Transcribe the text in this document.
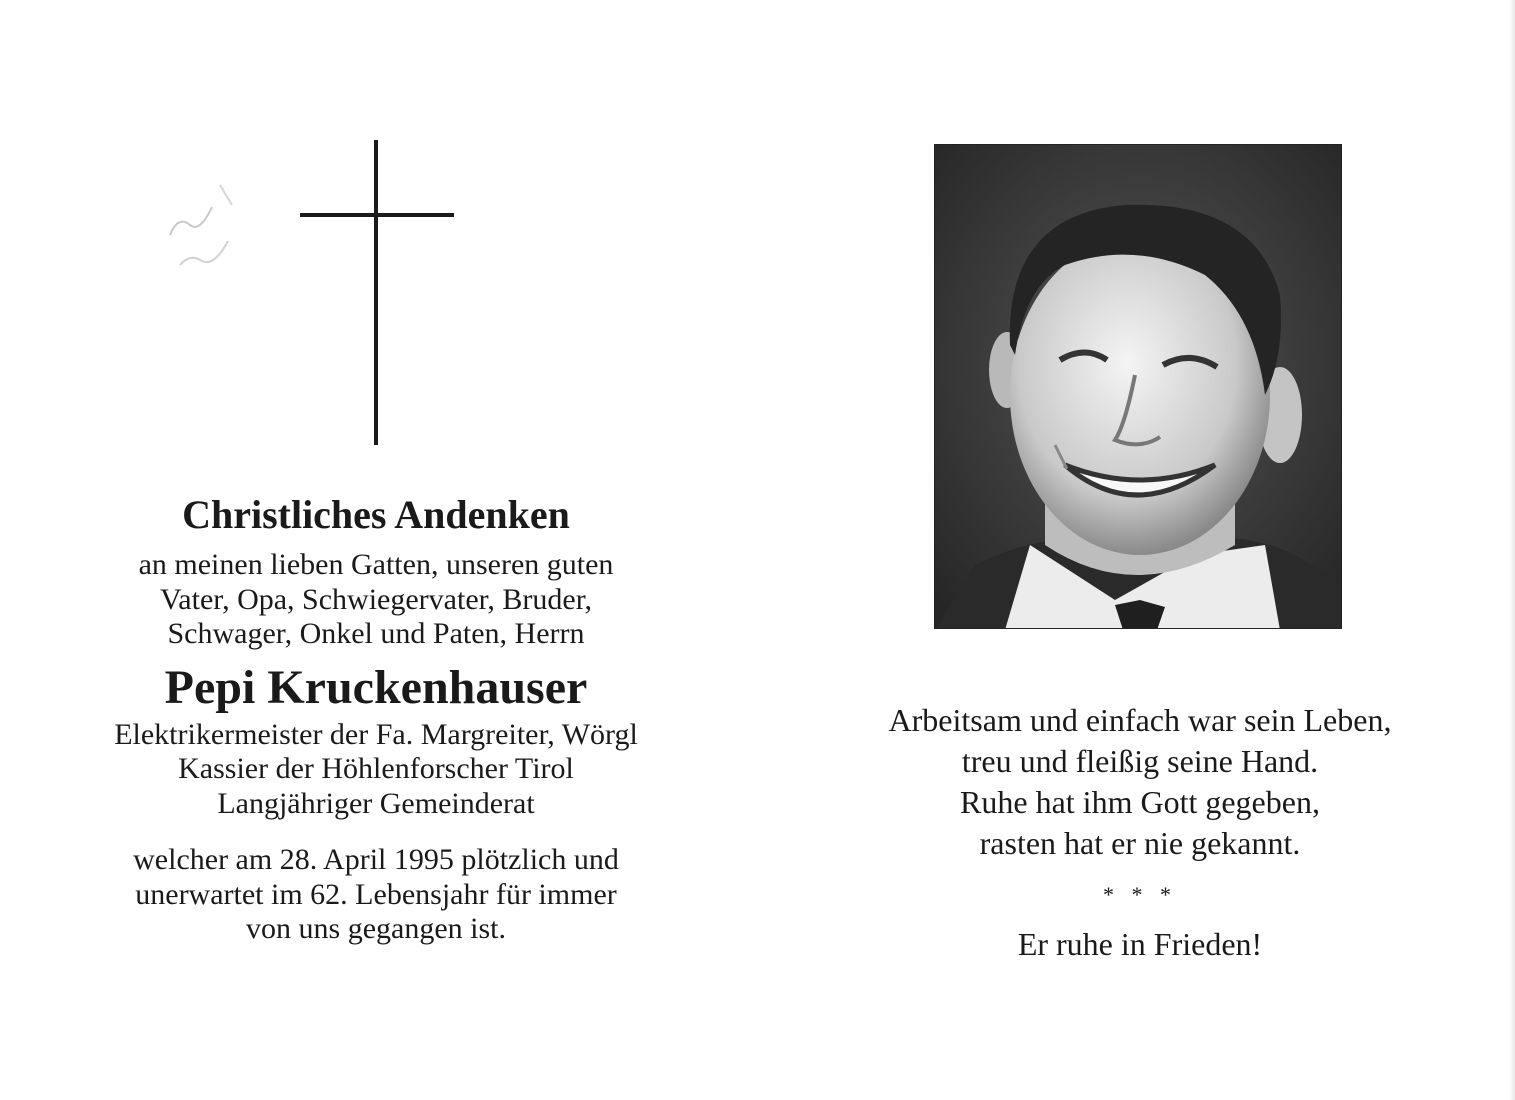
Christliches Andenken

an meinen lieben Gatten, unseren guten

Vater, Opa, Schwiegervater, Bruder,

Schwager, Onkel und Paten, Herrn

Pepi Kruckenhauser

Elektrikermeister der Fa. Margreiter, Wörgl

Kassier der Höhlenforscher Tirol

Langjähriger Gemeinderat

welcher am 28. April 1995 plötzlich und

unerwartet im 62. Lebensjahr für immer

von uns gegangen ist.

Arbeitsam und einfach war sein Leben,

treu und fleißig seine Hand.

Ruhe hat ihm Gott gegeben,

rasten hat er nie gekannt.

* * *

Er ruhe in Frieden!
